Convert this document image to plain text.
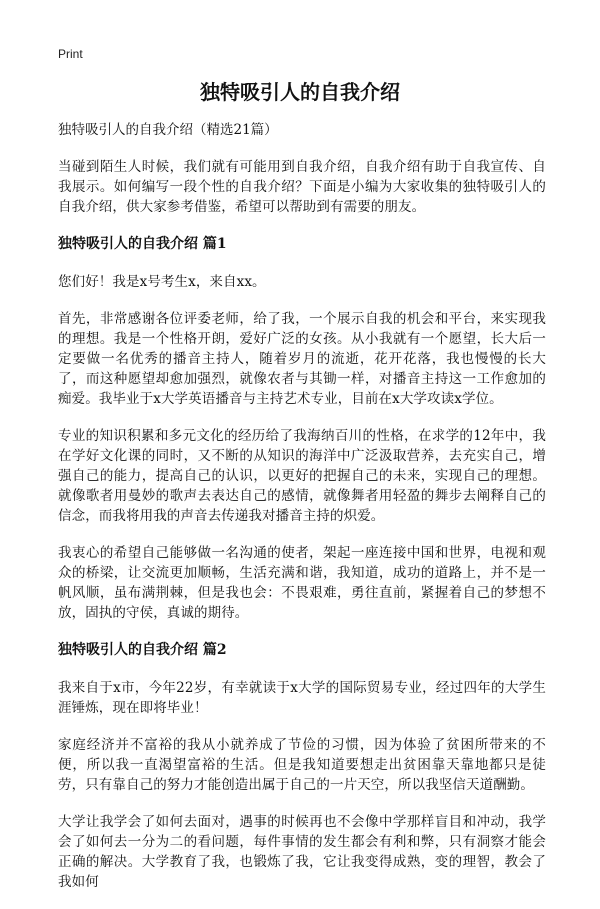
Print
独特吸引人的自我介绍

独特吸引人的自我介绍（精选21篇）

当碰到陌生人时候，我们就有可能用到自我介绍，自我介绍有助于自我宣传、自我展示。如何编写一段个性的自我介绍？下面是小编为大家收集的独特吸引人的自我介绍，供大家参考借鉴，希望可以帮助到有需要的朋友。

独特吸引人的自我介绍 篇1

您们好！我是x号考生x，来自xx。

首先，非常感谢各位评委老师，给了我，一个展示自我的机会和平台，来实现我的理想。我是一个性格开朗，爱好广泛的女孩。从小我就有一个愿望，长大后一定要做一名优秀的播音主持人，随着岁月的流逝，花开花落，我也慢慢的长大了，而这种愿望却愈加强烈，就像农者与其锄一样，对播音主持这一工作愈加的痴爱。我毕业于x大学英语播音与主持艺术专业，目前在x大学攻读x学位。

专业的知识积累和多元文化的经历给了我海纳百川的性格，在求学的12年中，我在学好文化课的同时，又不断的从知识的海洋中广泛汲取营养，去充实自己，增强自己的能力，提高自己的认识，以更好的把握自己的未来，实现自己的理想。就像歌者用曼妙的歌声去表达自己的感情，就像舞者用轻盈的舞步去阐释自己的信念，而我将用我的声音去传递我对播音主持的炽爱。

我衷心的希望自己能够做一名沟通的使者，架起一座连接中国和世界，电视和观众的桥梁，让交流更加顺畅，生活充满和谐，我知道，成功的道路上，并不是一帆风顺，虽布满荆棘，但是我也会：不畏艰难，勇往直前，紧握着自己的梦想不放，固执的守侯，真诚的期待。

独特吸引人的自我介绍 篇2

我来自于x市，今年22岁，有幸就读于x大学的国际贸易专业，经过四年的大学生涯锤炼，现在即将毕业！

家庭经济并不富裕的我从小就养成了节俭的习惯，因为体验了贫困所带来的不便，所以我一直渴望富裕的生活。但是我知道要想走出贫困靠天靠地都只是徒劳，只有靠自己的努力才能创造出属于自己的一片天空，所以我坚信天道酬勤。

大学让我学会了如何去面对，遇事的时候再也不会像中学那样盲目和冲动，我学会了如何去一分为二的看问题，每件事情的发生都会有利和弊，只有洞察才能会正确的解决。大学教育了我，也锻炼了我，它让我变得成熟，变的理智，教会了我如何
